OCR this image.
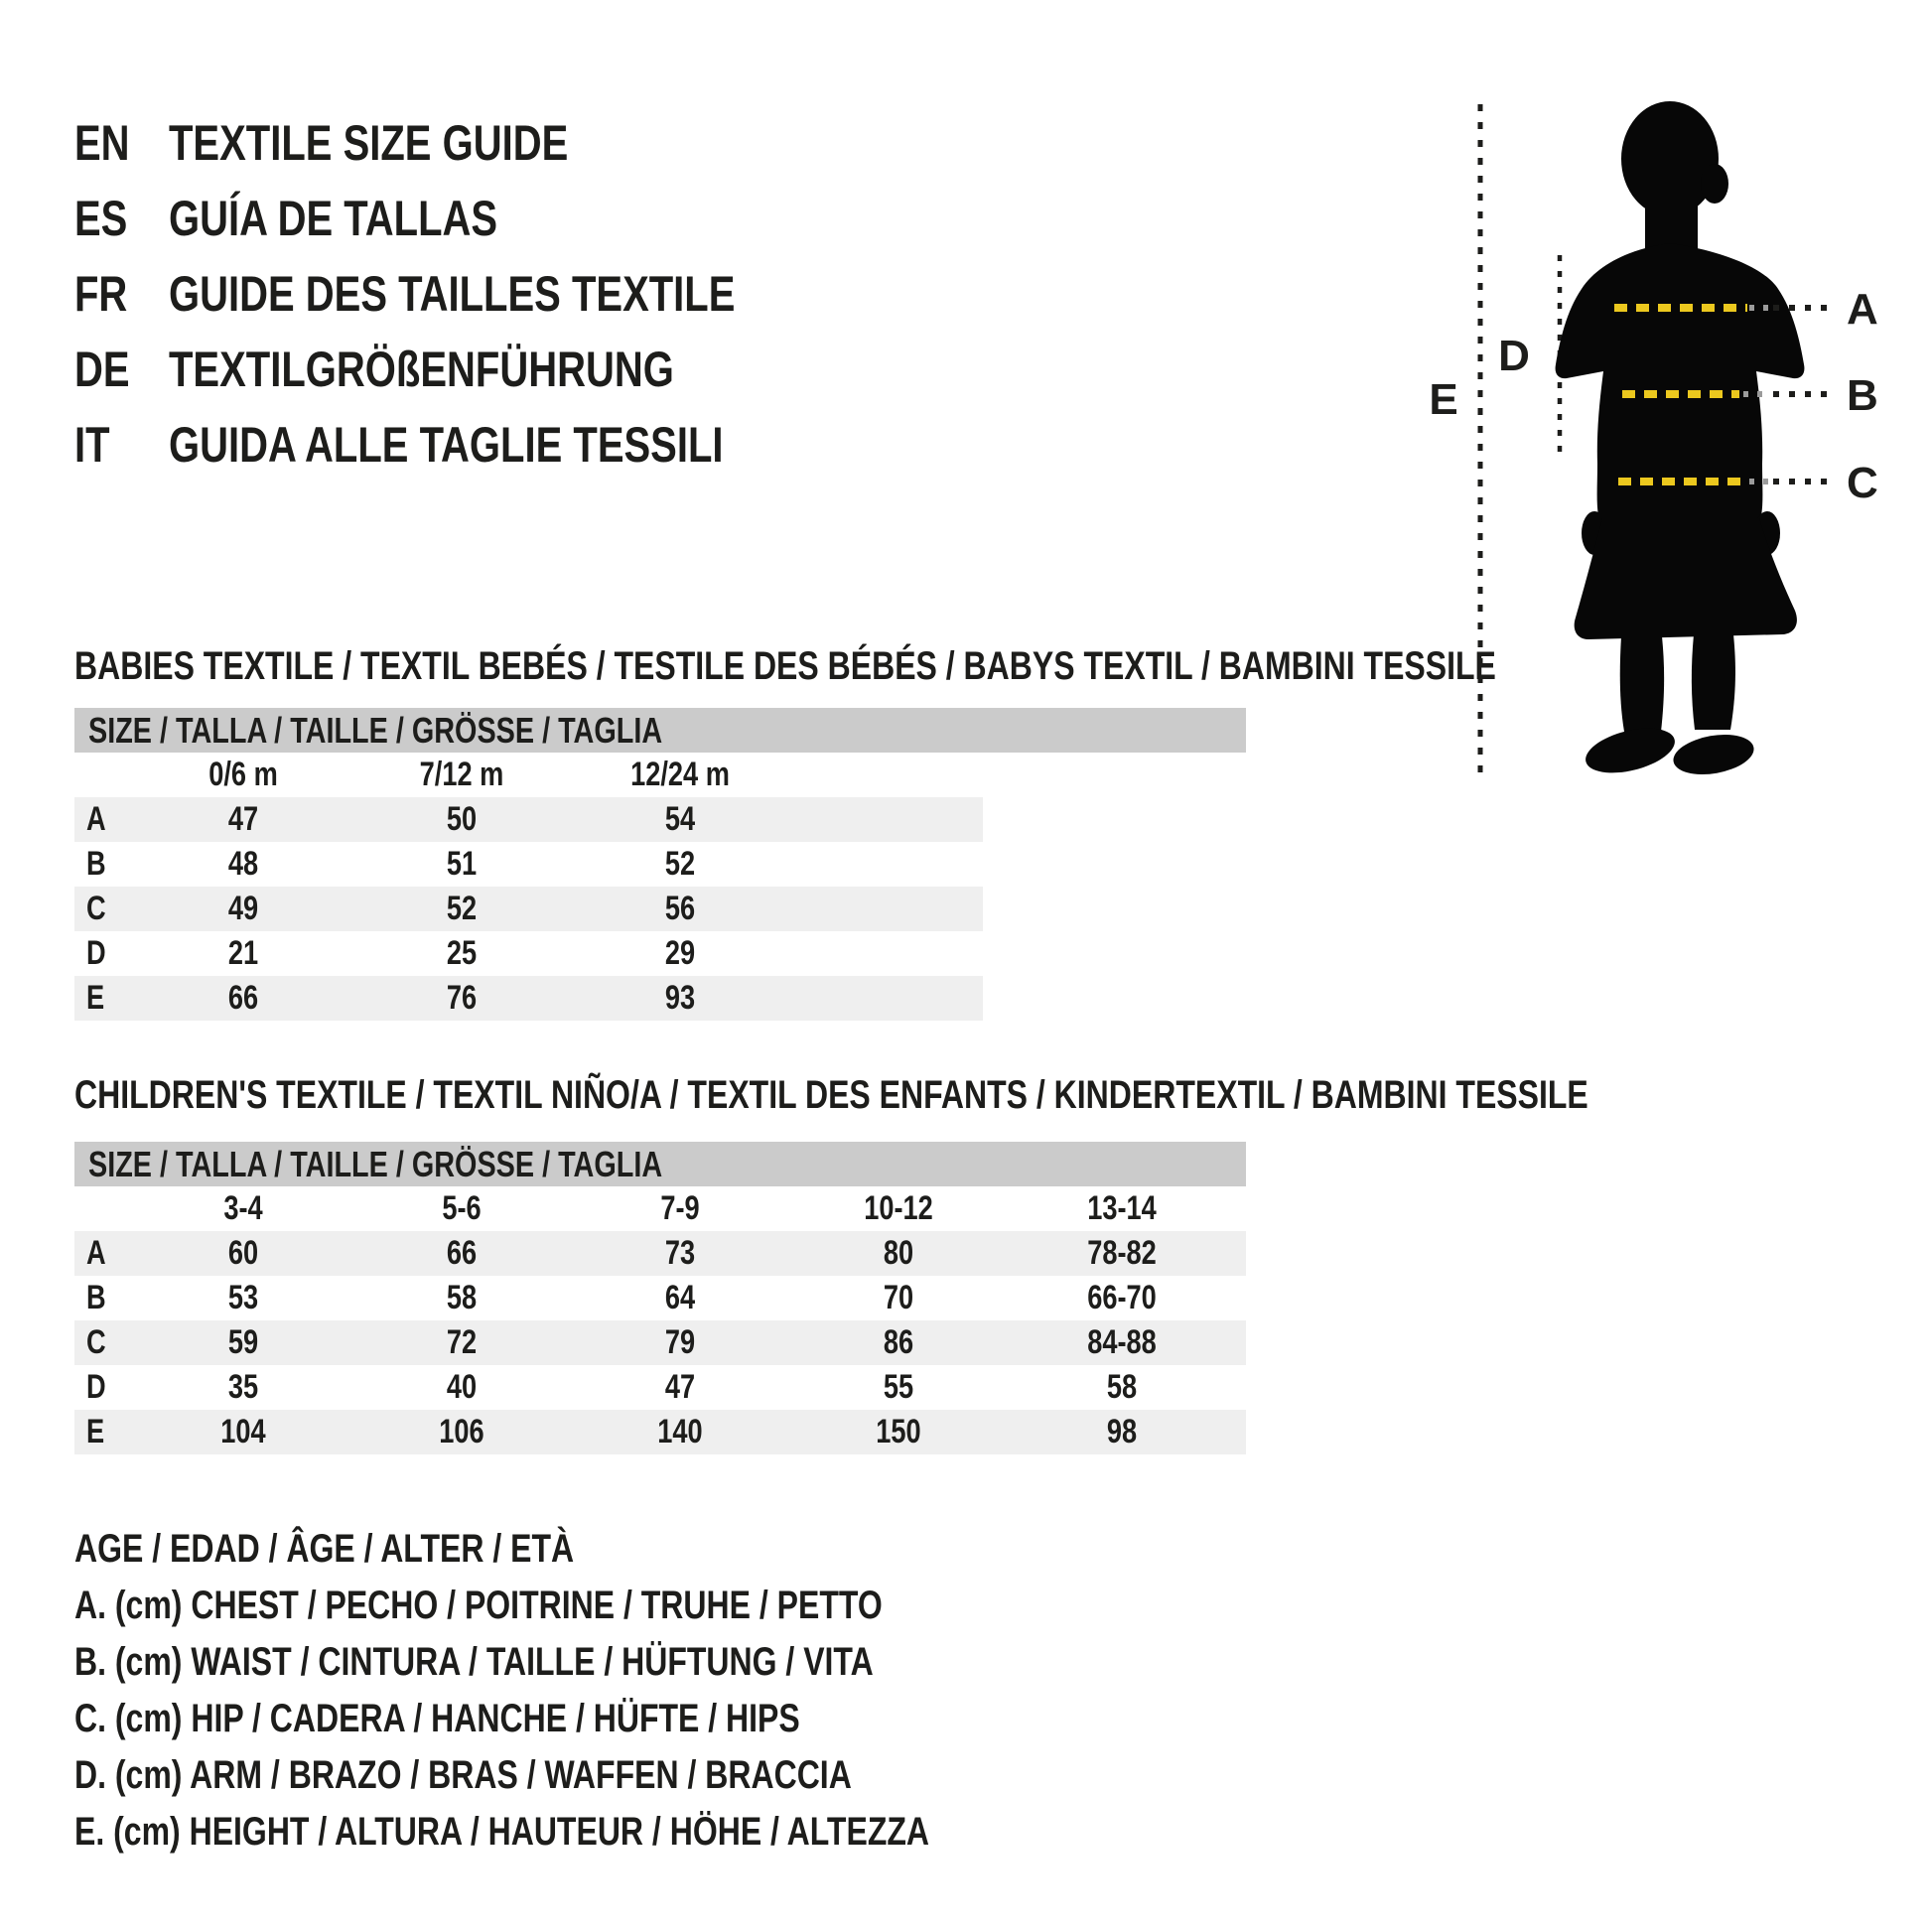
EN TEXTILE SIZE GUIDE
ES GUÍA DE TALLAS
FR GUIDE DES TAILLES TEXTILE
DE TEXTILGRÖßENFÜHRUNG
IT GUIDA ALLE TAGLIE TESSILI
A
B
C
D
E
BABIES TEXTILE / TEXTIL BEBÉS / TESTILE DES BÉBÉS / BABYS TEXTIL / BAMBINI TESSILE
SIZE / TALLA / TAILLE / GRÖSSE / TAGLIA
0/6 m	7/12 m	12/24 m
A	47	50	54
B	48	51	52
C	49	52	56
D	21	25	29
E	66	76	93
CHILDREN'S TEXTILE / TEXTIL NIÑO/A / TEXTIL DES ENFANTS / KINDERTEXTIL / BAMBINI TESSILE
SIZE / TALLA / TAILLE / GRÖSSE / TAGLIA
3-4	5-6	7-9	10-12	13-14
A	60	66	73	80	78-82
B	53	58	64	70	66-70
C	59	72	79	86	84-88
D	35	40	47	55	58
E	104	106	140	150	98
AGE / EDAD / ÂGE / ALTER / ETÀ
A. (cm) CHEST / PECHO / POITRINE / TRUHE / PETTO
B. (cm) WAIST / CINTURA / TAILLE / HÜFTUNG / VITA
C. (cm) HIP / CADERA / HANCHE / HÜFTE / HIPS
D. (cm) ARM / BRAZO / BRAS / WAFFEN / BRACCIA
E. (cm) HEIGHT / ALTURA / HAUTEUR / HÖHE / ALTEZZA
